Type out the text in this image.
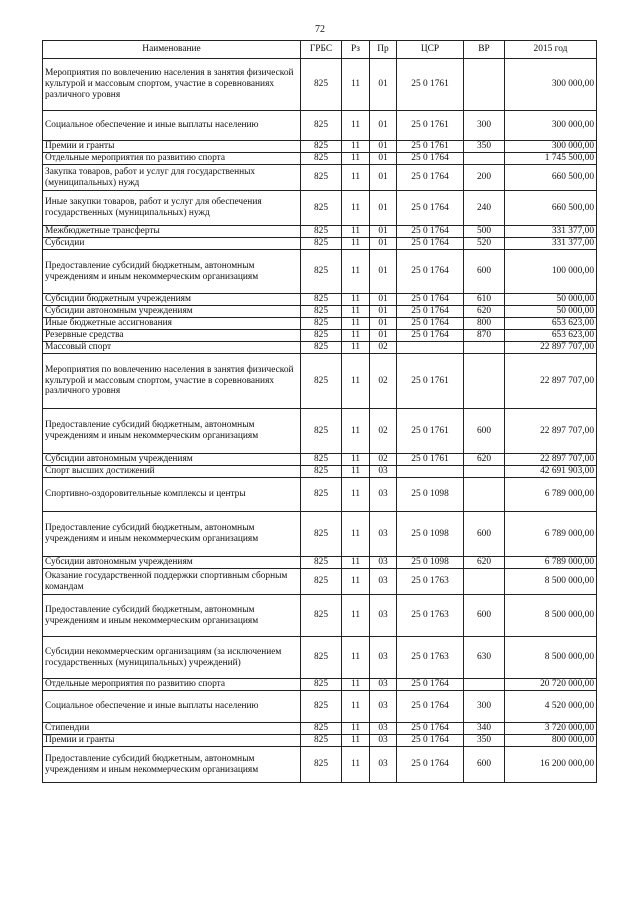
72
Наименование	ГРБС	Рз	Пр	ЦСР	ВР	2015 год
Мероприятия по вовлечению населения в занятия физической культурой и массовым спортом, участие в соревнованиях различного уровня	825	11	01	25 0 1761		300 000,00
Социальное обеспечение и иные выплаты населению	825	11	01	25 0 1761	300	300 000,00
Премии и гранты	825	11	01	25 0 1761	350	300 000,00
Отдельные мероприятия по развитию спорта	825	11	01	25 0 1764		1 745 500,00
Закупка товаров, работ и услуг для государственных (муниципальных) нужд	825	11	01	25 0 1764	200	660 500,00
Иные закупки товаров, работ и услуг для обеспечения государственных (муниципальных) нужд	825	11	01	25 0 1764	240	660 500,00
Межбюджетные трансферты	825	11	01	25 0 1764	500	331 377,00
Субсидии	825	11	01	25 0 1764	520	331 377,00
Предоставление субсидий бюджетным, автономным учреждениям и иным некоммерческим организациям	825	11	01	25 0 1764	600	100 000,00
Субсидии бюджетным учреждениям	825	11	01	25 0 1764	610	50 000,00
Субсидии автономным учреждениям	825	11	01	25 0 1764	620	50 000,00
Иные бюджетные ассигнования	825	11	01	25 0 1764	800	653 623,00
Резервные средства	825	11	01	25 0 1764	870	653 623,00
Массовый спорт	825	11	02			22 897 707,00
Мероприятия по вовлечению населения в занятия физической культурой и массовым спортом, участие в соревнованиях различного уровня	825	11	02	25 0 1761		22 897 707,00
Предоставление субсидий бюджетным, автономным учреждениям и иным некоммерческим организациям	825	11	02	25 0 1761	600	22 897 707,00
Субсидии автономным учреждениям	825	11	02	25 0 1761	620	22 897 707,00
Спорт высших достижений	825	11	03			42 691 903,00
Спортивно-оздоровительные комплексы и центры	825	11	03	25 0 1098		6 789 000,00
Предоставление субсидий бюджетным, автономным учреждениям и иным некоммерческим организациям	825	11	03	25 0 1098	600	6 789 000,00
Субсидии автономным учреждениям	825	11	03	25 0 1098	620	6 789 000,00
Оказание государственной поддержки спортивным сборным командам	825	11	03	25 0 1763		8 500 000,00
Предоставление субсидий бюджетным, автономным учреждениям и иным некоммерческим организациям	825	11	03	25 0 1763	600	8 500 000,00
Субсидии некоммерческим организациям (за исключением государственных (муниципальных) учреждений)	825	11	03	25 0 1763	630	8 500 000,00
Отдельные мероприятия по развитию спорта	825	11	03	25 0 1764		20 720 000,00
Социальное обеспечение и иные выплаты населению	825	11	03	25 0 1764	300	4 520 000,00
Стипендии	825	11	03	25 0 1764	340	3 720 000,00
Премии и гранты	825	11	03	25 0 1764	350	800 000,00
Предоставление субсидий бюджетным, автономным учреждениям и иным некоммерческим организациям	825	11	03	25 0 1764	600	16 200 000,00
